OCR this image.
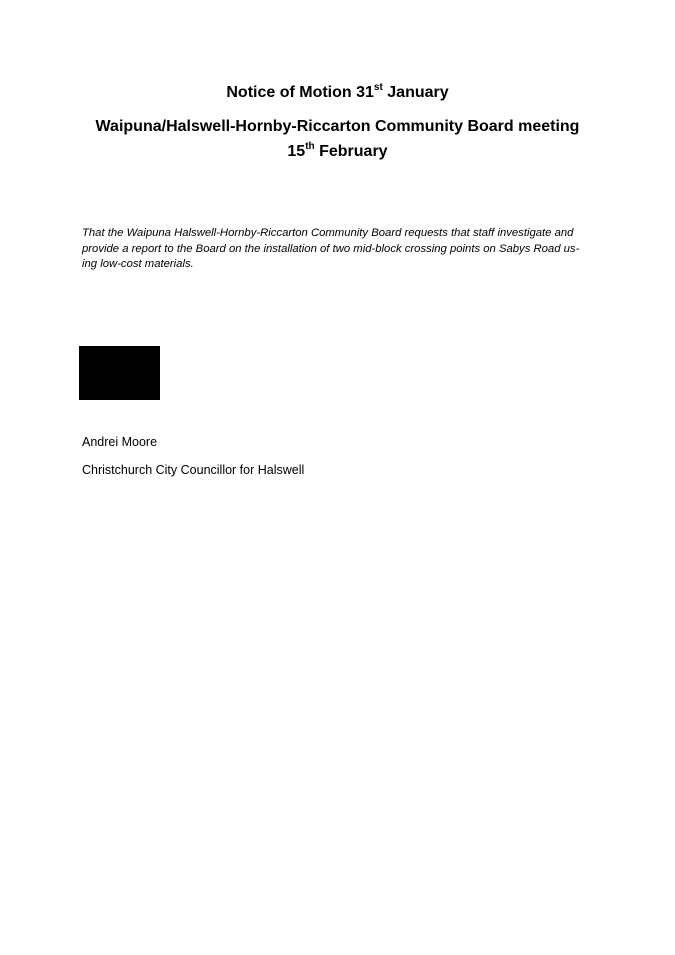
Notice of Motion 31st January
Waipuna/Halswell-Hornby-Riccarton Community Board meeting
15th February

That the Waipuna Halswell-Hornby-Riccarton Community Board requests that staff investigate and provide a report to the Board on the installation of two mid-block crossing points on Sabys Road us-ing low-cost materials.

Andrei Moore

Christchurch City Councillor for Halswell
